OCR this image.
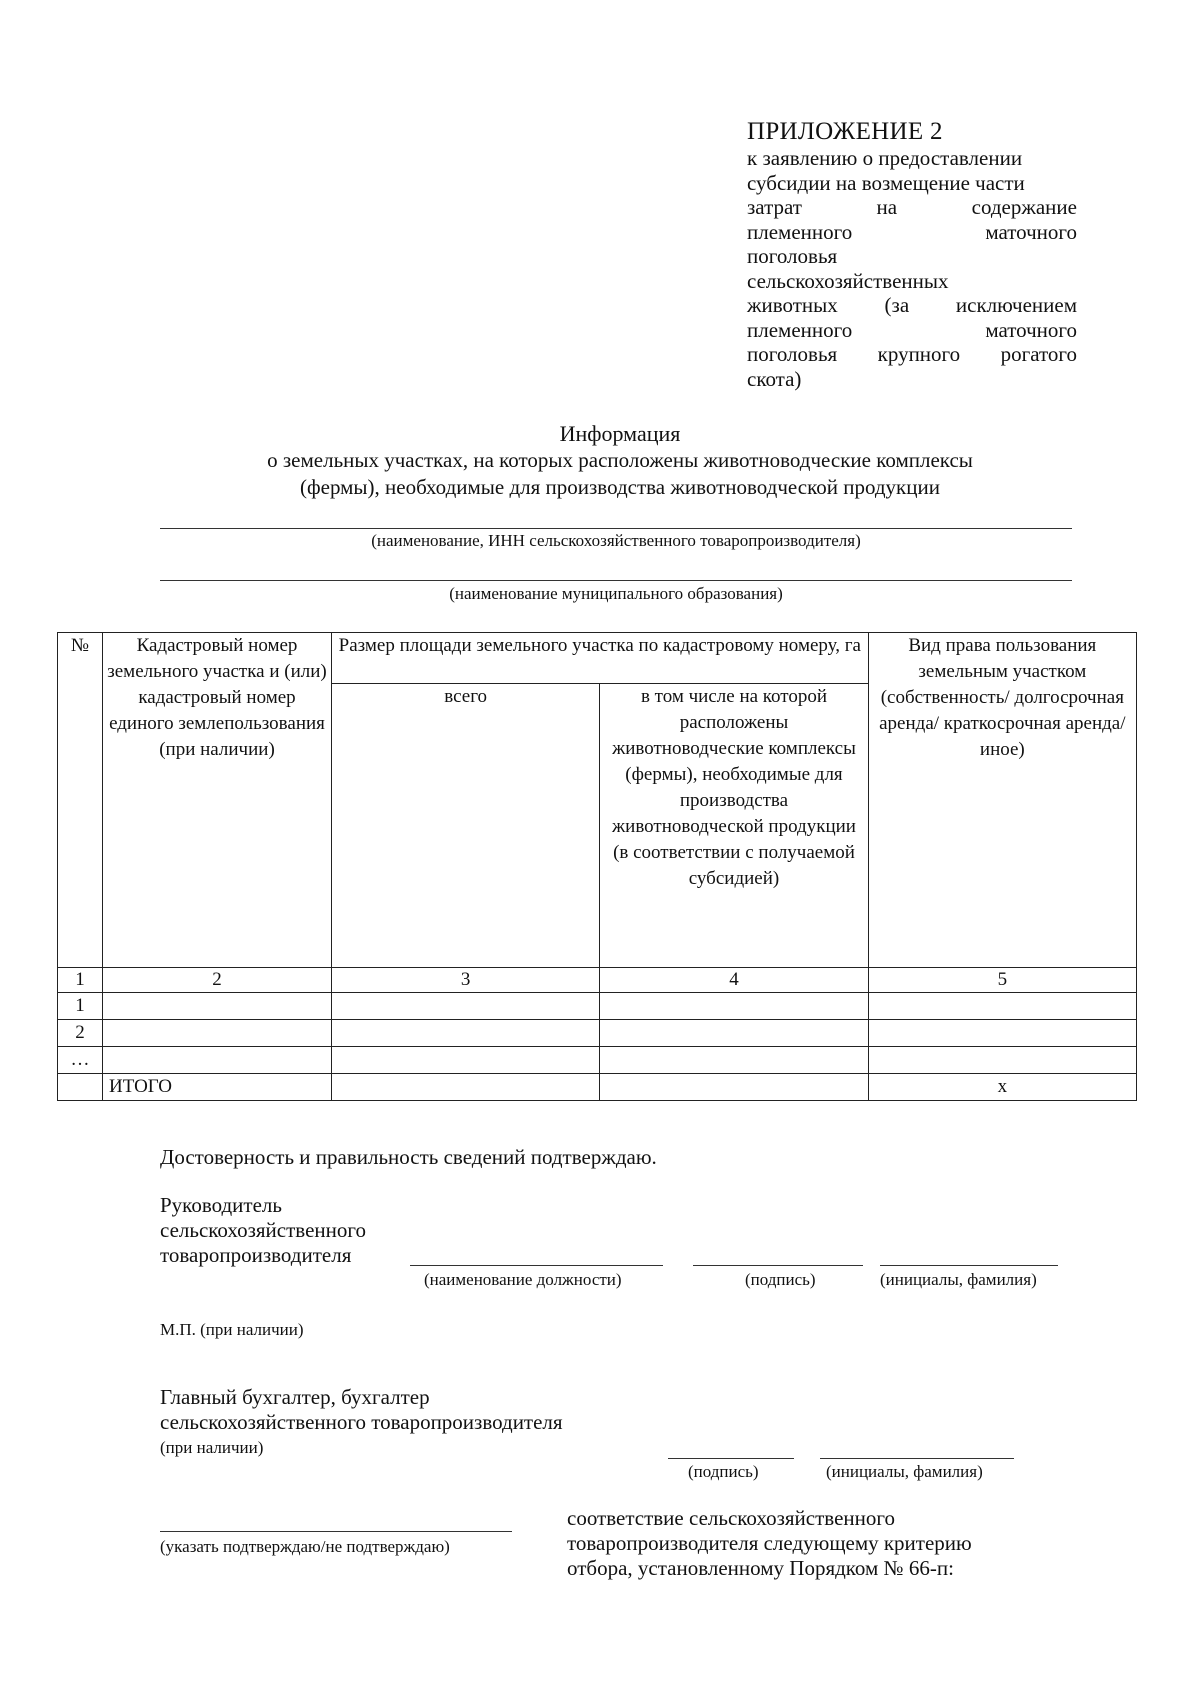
ПРИЛОЖЕНИЕ 2
к заявлению о предоставлении
субсидии на возмещение части
затрат	на	содержание
племенного	маточного
поголовья
сельскохозяйственных
животных (за исключением
племенного	маточного
поголовья крупного рогатого
скота)
Информация
о земельных участках, на которых расположены животноводческие комплексы
(фермы), необходимые для производства животноводческой продукции
(наименование, ИНН сельскохозяйственного товаропроизводителя)
(наименование муниципального образования)
№	Кадастровый номер земельного участка и (или) кадастровый номер единого землепользования (при наличии)	Размер площади земельного участка по кадастровому номеру, га		Вид права пользования земельным участком (собственность/ долгосрочная аренда/ краткосрочная аренда/ иное)
		всего	в том числе на которой расположены животноводческие комплексы (фермы), необходимые для производства животноводческой продукции (в соответствии с получаемой субсидией)	
1	2	3	4	5
1				
2				
…				
	ИТОГО			х
Достоверность и правильность сведений подтверждаю.
Руководитель
сельскохозяйственного
товаропроизводителя
(наименование должности)	(подпись)	(инициалы, фамилия)
М.П. (при наличии)
Главный бухгалтер, бухгалтер
сельскохозяйственного товаропроизводителя
(при наличии)
(подпись)	(инициалы, фамилия)
(указать подтверждаю/не подтверждаю)
соответствие сельскохозяйственного
товаропроизводителя следующему критерию
отбора, установленному Порядком № 66-п:
